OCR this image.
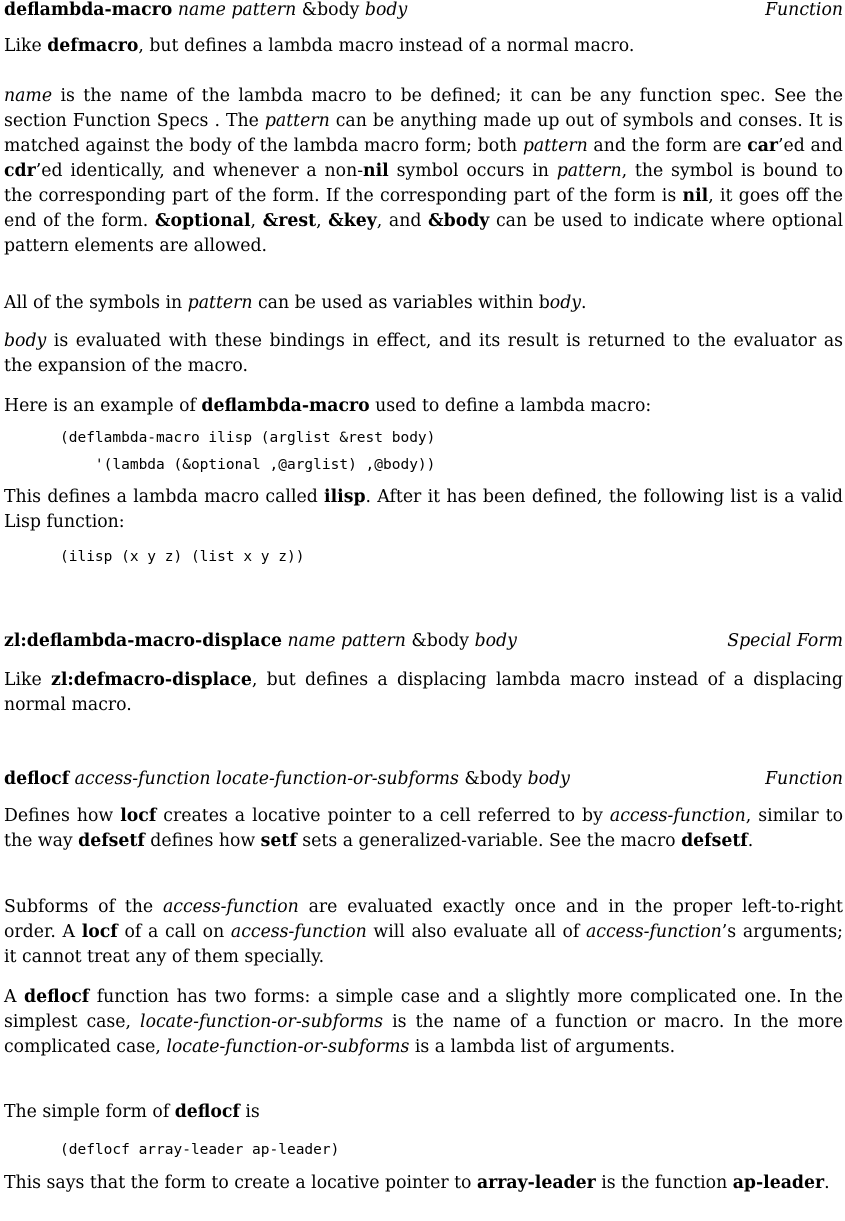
deflambda-macro name pattern &body body	Function

Like defmacro, but defines a lambda macro instead of a normal macro.

name is the name of the lambda macro to be defined; it can be any function spec. See the section Function Specs . The pattern can be anything made up out of symbols and conses. It is matched against the body of the lambda macro form; both pattern and the form are car’ed and cdr’ed identically, and whenever a non-nil symbol occurs in pattern, the symbol is bound to the corresponding part of the form. If the corresponding part of the form is nil, it goes off the end of the form. &optional, &rest, &key, and &body can be used to indicate where optional pattern elements are allowed.

All of the symbols in pattern can be used as variables within body.

body is evaluated with these bindings in effect, and its result is returned to the evaluator as the expansion of the macro.

Here is an example of deflambda-macro used to define a lambda macro:

(deflambda-macro ilisp (arglist &rest body)
'(lambda (&optional ,@arglist) ,@body))

This defines a lambda macro called ilisp. After it has been defined, the following list is a valid Lisp function:

(ilisp (x y z) (list x y z))
zl:deflambda-macro-displace name pattern &body body	Special Form

Like zl:defmacro-displace, but defines a displacing lambda macro instead of a displacing normal macro.

deflocf access-function locate-function-or-subforms &body body	Function

Defines how locf creates a locative pointer to a cell referred to by access-function, similar to the way defsetf defines how setf sets a generalized-variable. See the macro defsetf.

Subforms of the access-function are evaluated exactly once and in the proper left-to-right order. A locf of a call on access-function will also evaluate all of access-function’s arguments; it cannot treat any of them specially.

A deflocf function has two forms: a simple case and a slightly more complicated one. In the simplest case, locate-function-or-subforms is the name of a function or macro. In the more complicated case, locate-function-or-subforms is a lambda list of arguments.

The simple form of deflocf is

(deflocf array-leader ap-leader)

This says that the form to create a locative pointer to array-leader is the function ap-leader.
